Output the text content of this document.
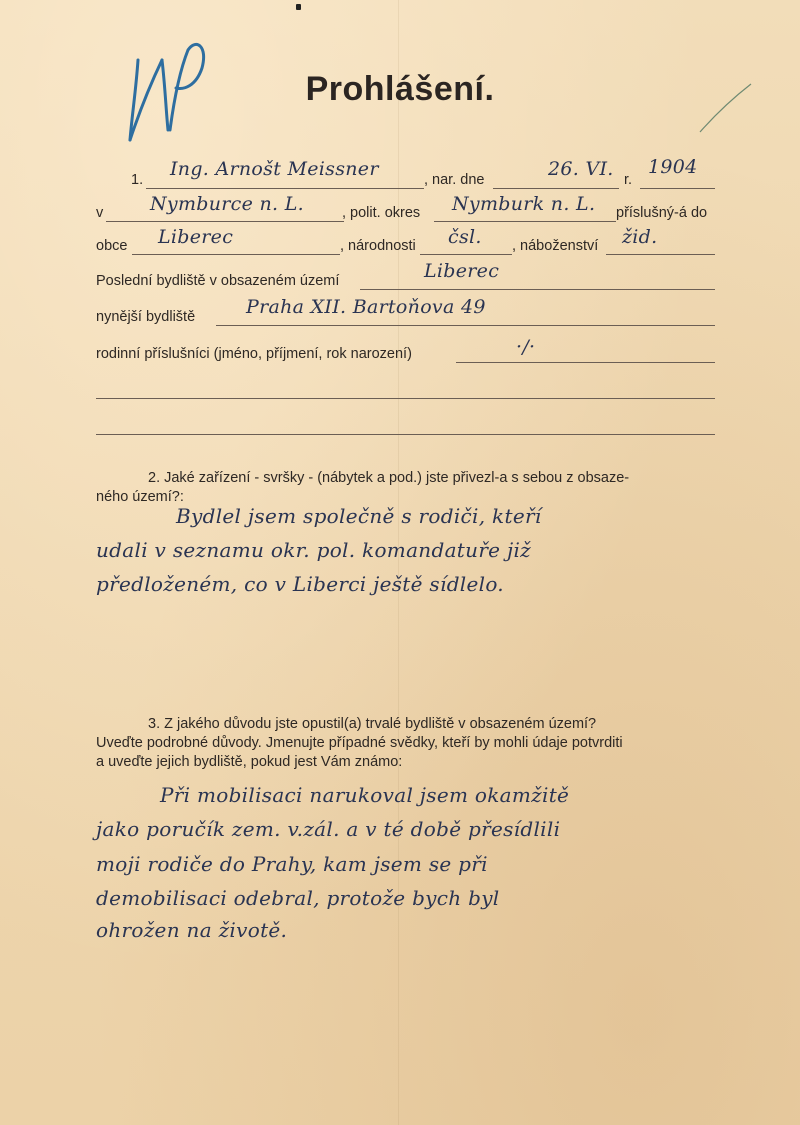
Prohlášení.
1. Ing. Arnošt Meissner	, nar. dne	26. VI. r.
1904
v Nymburce n. L.	, polit. okres Nymburk n. L. příslušný-á do
obce Liberec	, národnosti čsl. , náboženství žid.
Poslední bydliště v obsazeném území	Liberec
nynější bydliště	Praha XII. Bartoňova 49
rodinní příslušníci (jméno, příjmení, rok narození)	·/·
2. Jaké zařízení - svršky - (nábytek a pod.) jste přivezl-a s sebou z obsaze-
ného území?:
Bydlel jsem společně s rodiči, kteří
udali v seznamu okr. pol. komandatuře již
předloženém, co v Liberci ještě sídlelo.
3. Z jakého důvodu jste opustil(a) trvalé bydliště v obsazeném území?
Uveďte podrobné důvody. Jmenujte případné svědky, kteří by mohli údaje potvrditi
a uveďte jejich bydliště, pokud jest Vám známo:
Při mobilisaci narukoval jsem okamžitě
jako poručík zem. v.zál. a v té době přesídlili
moji rodiče do Prahy, kam jsem se při
demobilisaci odebral, protože bych byl
ohrožen na životě.
